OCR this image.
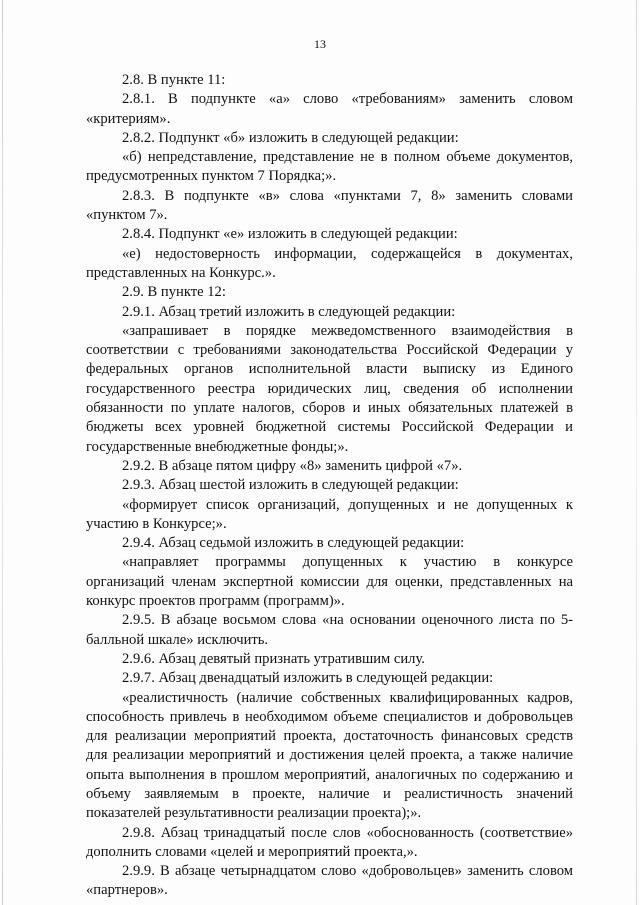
13

2.8. В пункте 11:

2.8.1. В подпункте «а» слово «требованиям» заменить словом «критериям».

2.8.2. Подпункт «б» изложить в следующей редакции:

«б) непредставление, представление не в полном объеме документов, предусмотренных пунктом 7 Порядка;».

2.8.3. В подпункте «в» слова «пунктами 7, 8» заменить словами «пунктом 7».

2.8.4. Подпункт «е» изложить в следующей редакции:

«е) недостоверность информации, содержащейся в документах, представленных на Конкурс.».

2.9. В пункте 12:

2.9.1. Абзац третий изложить в следующей редакции:

«запрашивает в порядке межведомственного взаимодействия в соответствии с требованиями законодательства Российской Федерации у федеральных органов исполнительной власти выписку из Единого государственного реестра юридических лиц, сведения об исполнении обязанности по уплате налогов, сборов и иных обязательных платежей в бюджеты всех уровней бюджетной системы Российской Федерации и государственные внебюджетные фонды;».

2.9.2. В абзаце пятом цифру «8» заменить цифрой «7».

2.9.3. Абзац шестой изложить в следующей редакции:

«формирует список организаций, допущенных и не допущенных к участию в Конкурсе;».

2.9.4. Абзац седьмой изложить в следующей редакции:

«направляет программы допущенных к участию в конкурсе организаций членам экспертной комиссии для оценки, представленных на конкурс проектов программ (программ)».

2.9.5. В абзаце восьмом слова «на основании оценочного листа по 5-балльной шкале» исключить.

2.9.6. Абзац девятый признать утратившим силу.

2.9.7. Абзац двенадцатый изложить в следующей редакции:

«реалистичность (наличие собственных квалифицированных кадров, способность привлечь в необходимом объеме специалистов и добровольцев для реализации мероприятий проекта, достаточность финансовых средств для реализации мероприятий и достижения целей проекта, а также наличие опыта выполнения в прошлом мероприятий, аналогичных по содержанию и объему заявляемым в проекте, наличие и реалистичность значений показателей результативности реализации проекта);».

2.9.8. Абзац тринадцатый после слов «обоснованность (соответствие» дополнить словами «целей и мероприятий проекта,».

2.9.9. В абзаце четырнадцатом слово «добровольцев» заменить словом «партнеров».
